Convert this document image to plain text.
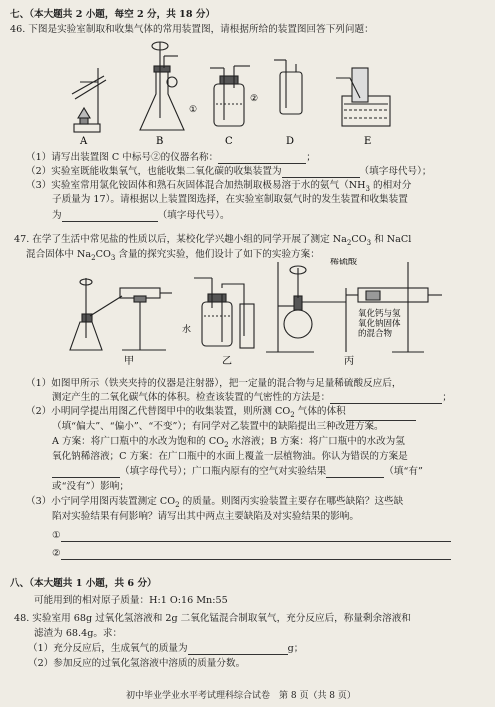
七、（本大题共 2 小题，每空 2 分，共 18 分）
46. 下图是实验室制取和收集气体的常用装置图，请根据所给的装置图回答下列问题：
A	B
①
C
②
D	E
（1）请写出装置图 C 中标号②的仪器名称：	；
（2）实验室既能收集氧气，也能收集二氧化碳的收集装置为	（填字母代号）；
（3）实验室常用氯化铵固体和熟石灰固体混合加热制取极易溶于水的氨气（$NH_3$ 的相对分
子质量为 17）。请根据以上装置图选择，在实验室制取氨气时的发生装置和收集装置
为	（填字母代号）。
47. 在学了生活中常见盐的性质以后，某校化学兴趣小组的同学开展了测定 $Na_2CO_3$ 和 NaCl
混合固体中 $Na_2CO_3$ 含量的探究实验，他们设计了如下的实验方案：
甲
水
乙
稀硫酸
氧化钙与氢
氧化钠固体
的混合物
丙
（1）如图甲所示（铁夹夹持的仪器是注射器），把一定量的混合物与足量稀硫酸反应后，
测定产生的二氧化碳气体的体积。检查该装置的气密性的方法是：	；
（2）小明同学提出用图乙代替图甲中的收集装置，则所测 $CO_2$ 气体的体积
（填“偏大”、“偏小”、“不变”）；有同学对乙装置中的缺陷提出三种改进方案。
A 方案：将广口瓶中的水改为饱和的 $CO_2$ 水溶液；B 方案：将广口瓶中的水改为氢
氧化钠稀溶液；C 方案：在广口瓶中的水面上覆盖一层植物油。你认为错误的方案是
（填字母代号）；广口瓶内原有的空气对实验结果	（填“有”
或“没有”）影响；
（3）小宁同学用图丙装置测定 $CO_2$ 的质量。则图丙实验装置主要存在哪些缺陷？这些缺
陷对实验结果有何影响？请写出其中两点主要缺陷及对实验结果的影响。
①
②
八、（本大题共 1 小题，共 6 分）
可能用到的相对原子质量：H:1 O:16 Mn:55
48. 实验室用 68g 过氧化氢溶液和 2g 二氧化锰混合制取氧气，充分反应后，称量剩余溶液和
滤渣为 68.4g。求：
（1）充分反应后，生成氧气的质量为	g；
（2）参加反应的过氧化氢溶液中溶质的质量分数。
初中毕业学业水平考试理科综合试卷　第 8 页（共 8 页）
